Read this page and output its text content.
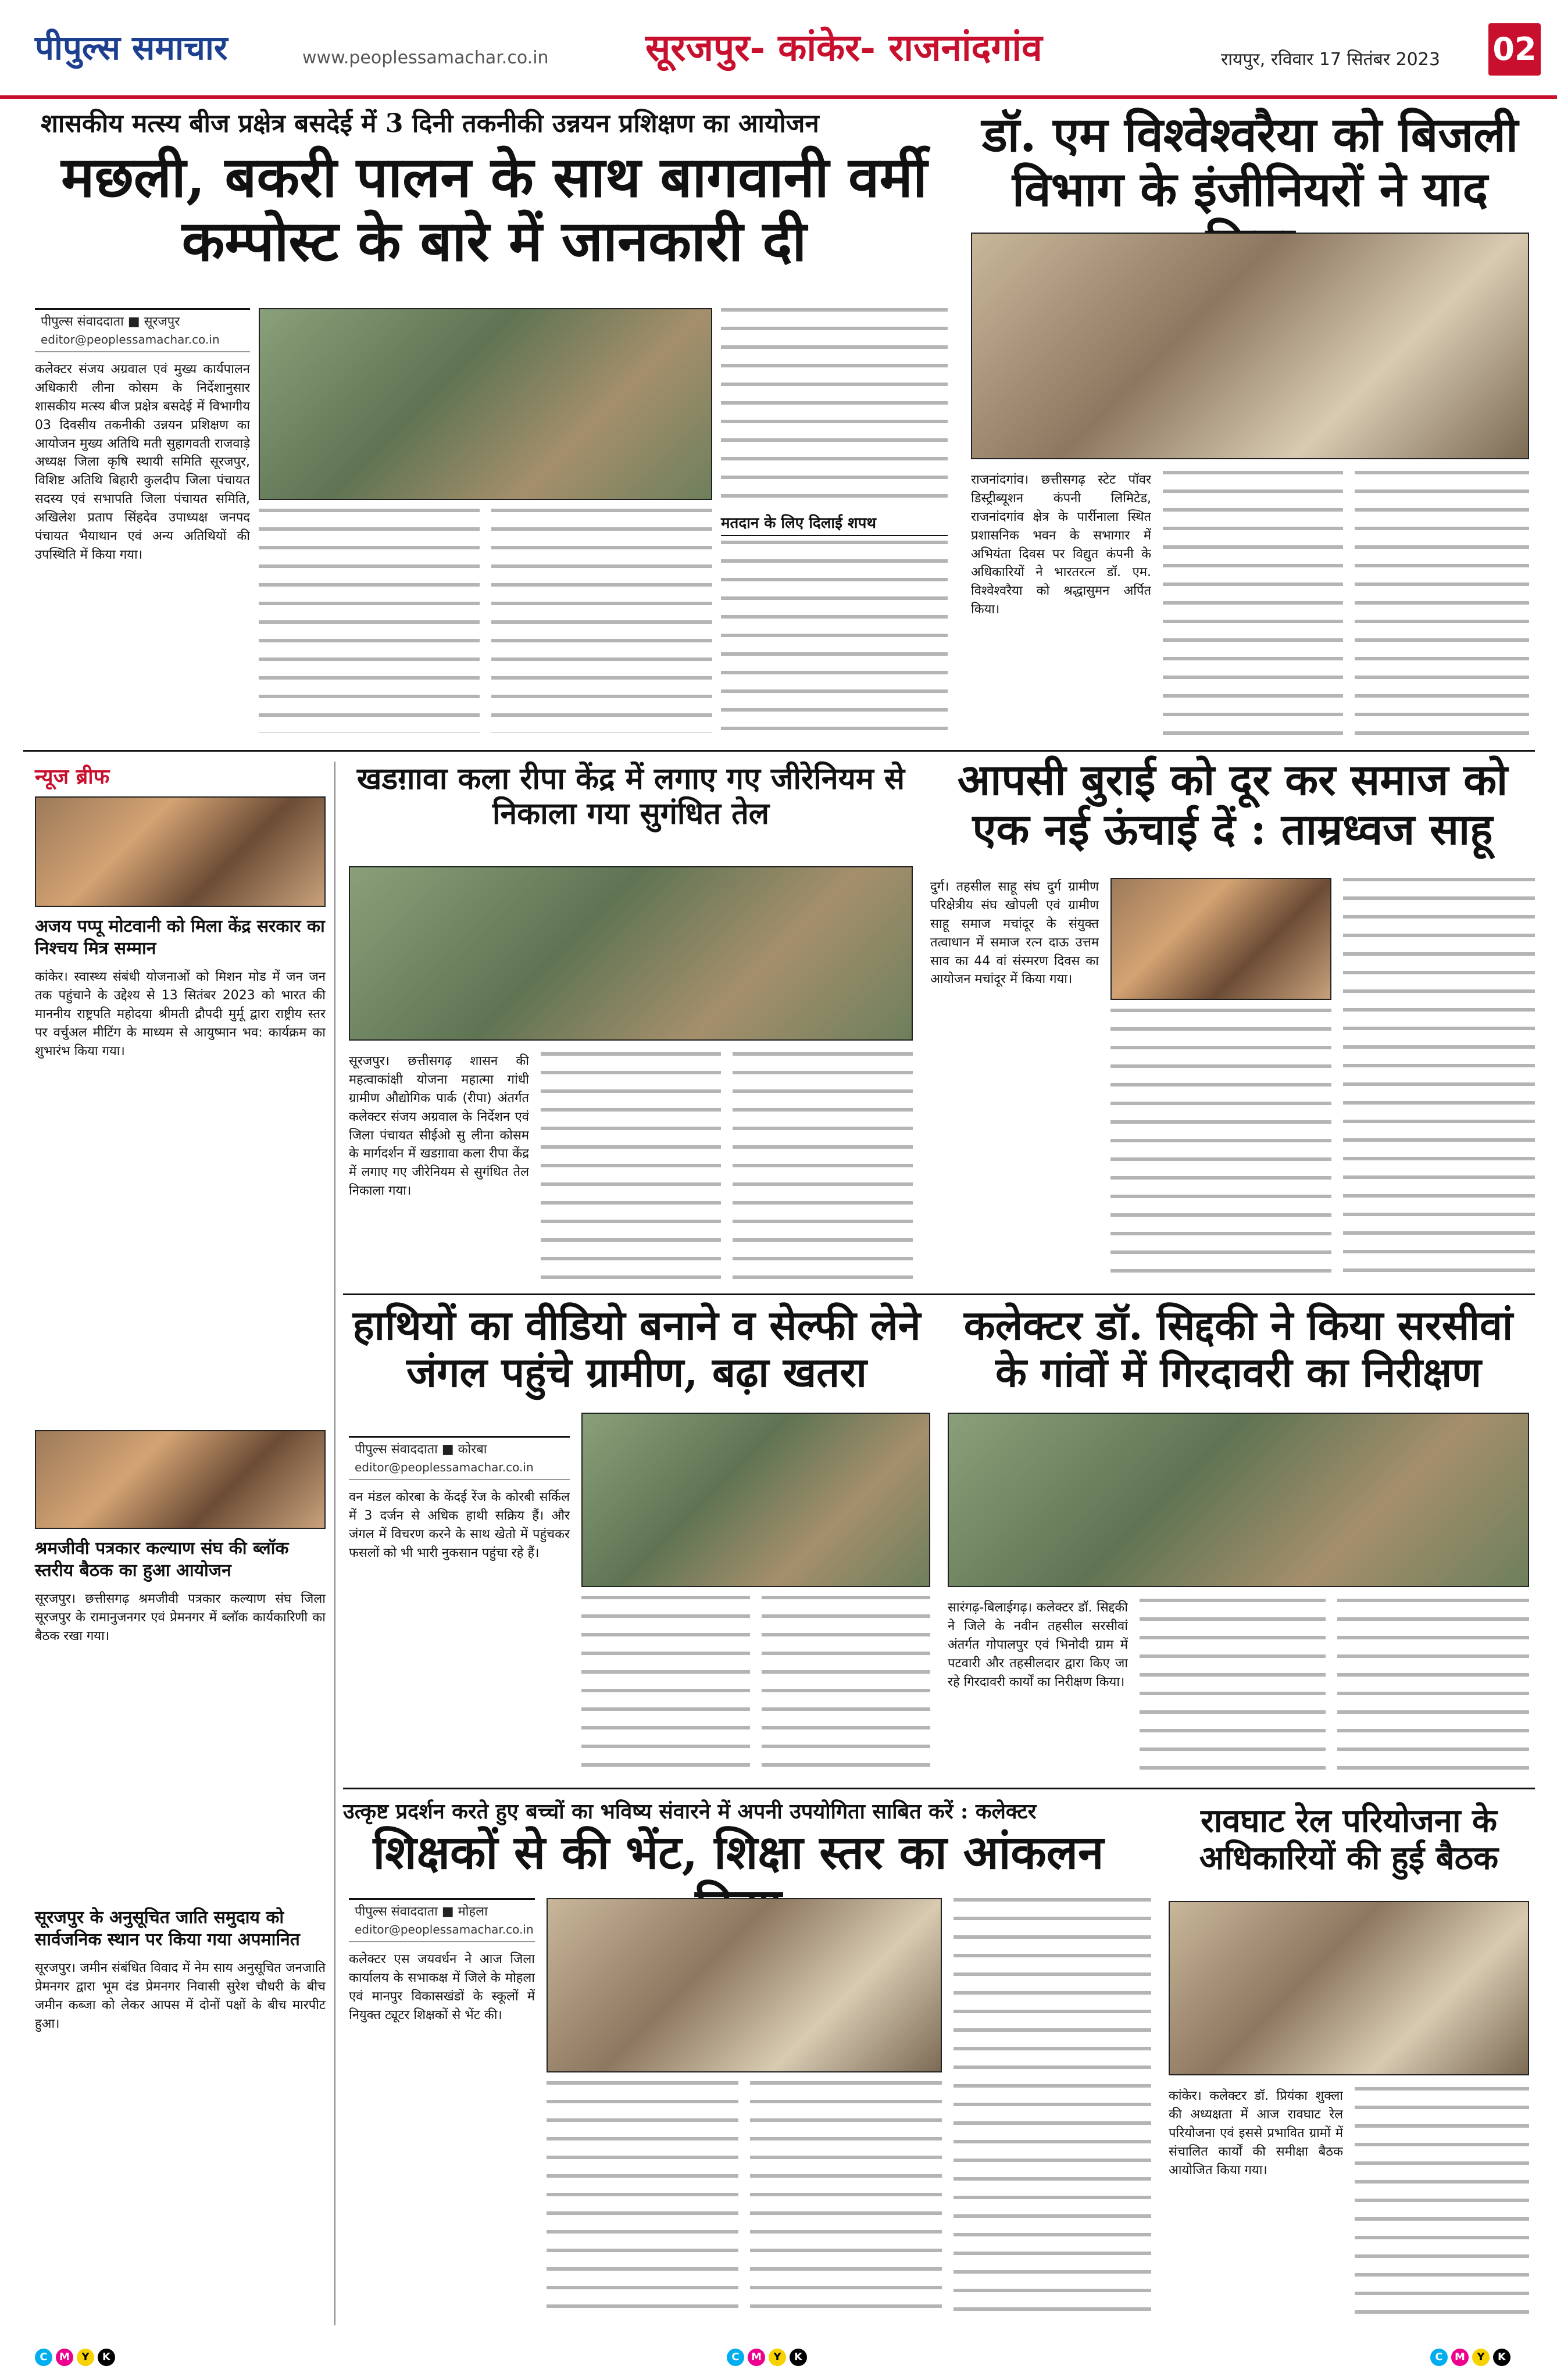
पीपुल्स समाचार	www.peoplessamachar.co.in	सूरजपुर- कांकेर- राजनांदगांव	रायपुर, रविवार 17 सितंबर 2023 02
शासकीय मत्स्य बीज प्रक्षेत्र बसदेई में 3 दिनी तकनीकी उन्नयन प्रशिक्षण का आयोजन
मछली, बकरी पालन के साथ बागवानी वर्मी कम्पोस्ट के बारे में जानकारी दी
पीपुल्स संवाददाता ■ सूरजपुर
editor@peoplessamachar.co.in
कलेक्टर संजय अग्रवाल एवं मुख्य कार्यपालन अधिकारी लीना कोसम के निर्देशानुसार शासकीय मत्स्य बीज प्रक्षेत्र बसदेई में विभागीय 03 दिवसीय तकनीकी उन्नयन प्रशिक्षण का आयोजन मुख्य अतिथि मती सुहागवती राजवाड़े अध्यक्ष जिला कृषि स्थायी समिति सूरजपुर, विशिष्ट अतिथि बिहारी कुलदीप जिला पंचायत सदस्य एवं सभापति जिला पंचायत समिति, अखिलेश प्रताप सिंहदेव उपाध्यक्ष जनपद पंचायत भैयाथान एवं अन्य अतिथियों की उपस्थिति में किया गया।
मतदान के लिए दिलाई शपथ
डॉ. एम विश्वेश्वरैया को बिजली विभाग के इंजीनियरों ने याद
राजनांदगांव। छत्तीसगढ़ स्टेट पॉवर डिस्ट्रीब्यूशन कंपनी लिमिटेड, राजनांदगांव क्षेत्र के पार्रीनाला स्थित प्रशासनिक भवन के सभागार में अभियंता दिवस पर विद्युत कंपनी के अधिकारियों ने भारतरत्न डॉ. एम. विश्वेश्वरैया को श्रद्धासुमन अर्पित किया।
न्यूज ब्रीफ
अजय पप्पू मोटवानी को मिला केंद्र सरकार का निश्चय मित्र सम्मान
कांकेर। स्वास्थ्य संबंधी योजनाओं को मिशन मोड में जन जन तक पहुंचाने के उद्देश्य से 13 सितंबर 2023 को भारत की माननीय राष्ट्रपति महोदया श्रीमती द्रौपदी मुर्मू द्वारा राष्ट्रीय स्तर पर वर्चुअल मीटिंग के माध्यम से आयुष्मान भव: कार्यक्रम का शुभारंभ किया गया।
श्रमजीवी पत्रकार कल्याण संघ की ब्लॉक स्तरीय बैठक का हुआ आयोजन
सूरजपुर। छत्तीसगढ़ श्रमजीवी पत्रकार कल्याण संघ जिला सूरजपुर के रामानुजनगर एवं प्रेमनगर में ब्लॉक कार्यकारिणी का बैठक रखा गया।
सूरजपुर के अनुसूचित जाति समुदाय को सार्वजनिक स्थान पर किया गया अपमानित
सूरजपुर। जमीन संबंधित विवाद में नेम साय अनुसूचित जनजाति प्रेमनगर द्वारा भूम दंड प्रेमनगर निवासी सुरेश चौधरी के बीच जमीन कब्जा को लेकर आपस में दोनों पक्षों के बीच मारपीट हुआ।
खडग़ावा कला रीपा केंद्र में लगाए गए जीरेनियम से निकाला गया सुगंधित तेल
सूरजपुर। छत्तीसगढ़ शासन की महत्वाकांक्षी योजना महात्मा गांधी ग्रामीण औद्योगिक पार्क (रीपा) अंतर्गत कलेक्टर संजय अग्रवाल के निर्देशन एवं जिला पंचायत सीईओ सु लीना कोसम के मार्गदर्शन में खडग़ावा कला रीपा केंद्र में लगाए गए जीरेनियम से सुगंधित तेल निकाला गया।
आपसी बुराई को दूर कर समाज को एक नई ऊंचाई दें : ताम्रध्वज साहू
दुर्ग। तहसील साहू संघ दुर्ग ग्रामीण परिक्षेत्रीय संघ खोपली एवं ग्रामीण साहू समाज मचांदूर के संयुक्त तत्वाधान में समाज रत्न दाऊ उत्तम साव का 44 वां संस्मरण दिवस का आयोजन मचांदूर में किया गया।
हाथियों का वीडियो बनाने व सेल्फी लेने जंगल पहुंचे ग्रामीण, बढ़ा खतरा
पीपुल्स संवाददाता ■ कोरबा
editor@peoplessamachar.co.in
वन मंडल कोरबा के केंदई रेंज के कोरबी सर्किल में 3 दर्जन से अधिक हाथी सक्रिय हैं। और जंगल में विचरण करने के साथ खेतो में पहुंचकर फसलों को भी भारी नुकसान पहुंचा रहे हैं।
कलेक्टर डॉ. सिद्दकी ने किया सरसीवां के गांवों में गिरदावरी का निरीक्षण
सारंगढ़-बिलाईगढ़। कलेक्टर डॉ. सिद्दकी ने जिले के नवीन तहसील सरसीवां अंतर्गत गोपालपुर एवं भिनोदी ग्राम में पटवारी और तहसीलदार द्वारा किए जा रहे गिरदावरी कार्यों का निरीक्षण किया।
उत्कृष्ट प्रदर्शन करते हुए बच्चों का भविष्य संवारने में अपनी उपयोगिता साबित करें : कलेक्टर
शिक्षकों से की भेंट, शिक्षा स्तर का आंकलन
पीपुल्स संवाददाता ■ मोहला
editor@peoplessamachar.co.in
कलेक्टर एस जयवर्धन ने आज जिला कार्यालय के सभाकक्ष में जिले के मोहला एवं मानपुर विकासखंडों के स्कूलों में नियुक्त ट्यूटर शिक्षकों से भेंट की।
रावघाट रेल परियोजना के अधिकारियों की हुई बैठक
कांकेर। कलेक्टर डॉ. प्रियंका शुक्ला की अध्यक्षता में आज रावघाट रेल परियोजना एवं इससे प्रभावित ग्रामों में संचालित कार्यों की समीक्षा बैठक आयोजित किया गया।
C	M	Y	K	C	M	Y	K	C	M	Y	K
